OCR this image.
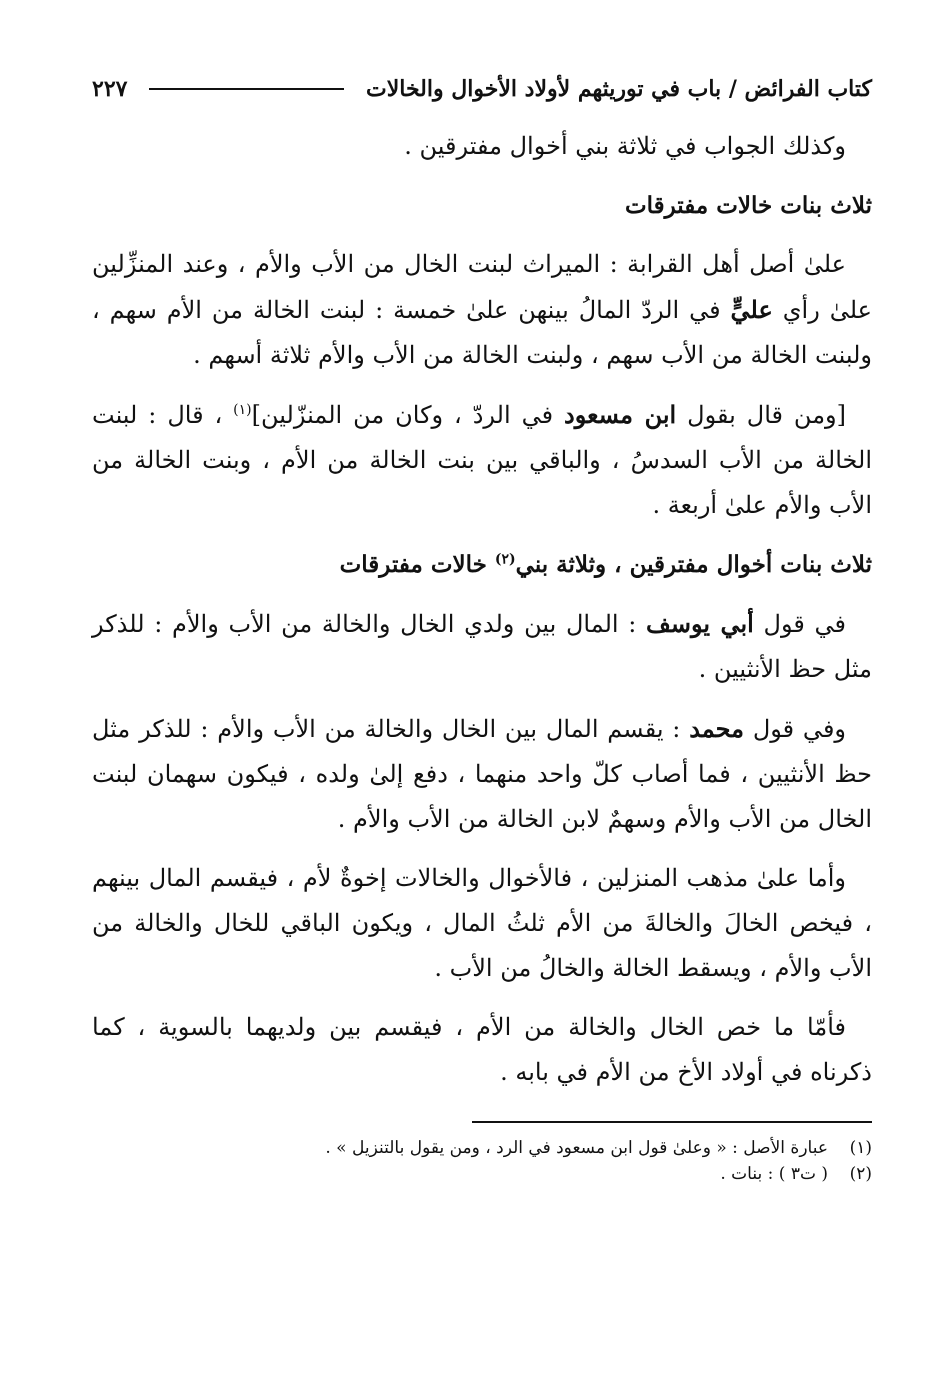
كتاب الفرائض / باب في توريثهم لأولاد الأخوال والخالات
٢٢٧

وكذلك الجواب في ثلاثة بني أخوال مفترقين .

ثلاث بنات خالات مفترقات

علىٰ أصل أهل القرابة : الميراث لبنت الخال من الأب والأم ، وعند المنزِّلين علىٰ رأي عليٍّ في الردّ المالُ بينهن علىٰ خمسة : لبنت الخالة من الأم سهم ، ولبنت الخالة من الأب سهم ، ولبنت الخالة من الأب والأم ثلاثة أسهم .

[ومن قال بقول ابن مسعود في الردّ ، وكان من المنزّلين]$^{(١)}$ ، قال : لبنت الخالة من الأب السدسُ ، والباقي بين بنت الخالة من الأم ، وبنت الخالة من الأب والأم علىٰ أربعة .

ثلاث بنات أخوال مفترقين ، وثلاثة بني$^{(٢)}$ خالات مفترقات

في قول أبي يوسف : المال بين ولدي الخال والخالة من الأب والأم : للذكر مثل حظ الأنثيين .

وفي قول محمد : يقسم المال بين الخال والخالة من الأب والأم : للذكر مثل حظ الأنثيين ، فما أصاب كلّ واحد منهما ، دفع إلىٰ ولده ، فيكون سهمان لبنت الخال من الأب والأم وسهمٌ لابن الخالة من الأب والأم .

وأما علىٰ مذهب المنزلين ، فالأخوال والخالات إخوةٌ لأم ، فيقسم المال بينهم ، فيخص الخالَ والخالةَ من الأم ثلثُ المال ، ويكون الباقي للخال والخالة من الأب والأم ، ويسقط الخالة والخالُ من الأب .

فأمّا ما خص الخال والخالة من الأم ، فيقسم بين ولديهما بالسوية ، كما ذكرناه في أولاد الأخ من الأم في بابه .

(١)
عبارة الأصل : « وعلىٰ قول ابن مسعود في الرد ، ومن يقول بالتنزيل » .
(٢)
( ت٣ ) : بنات .
